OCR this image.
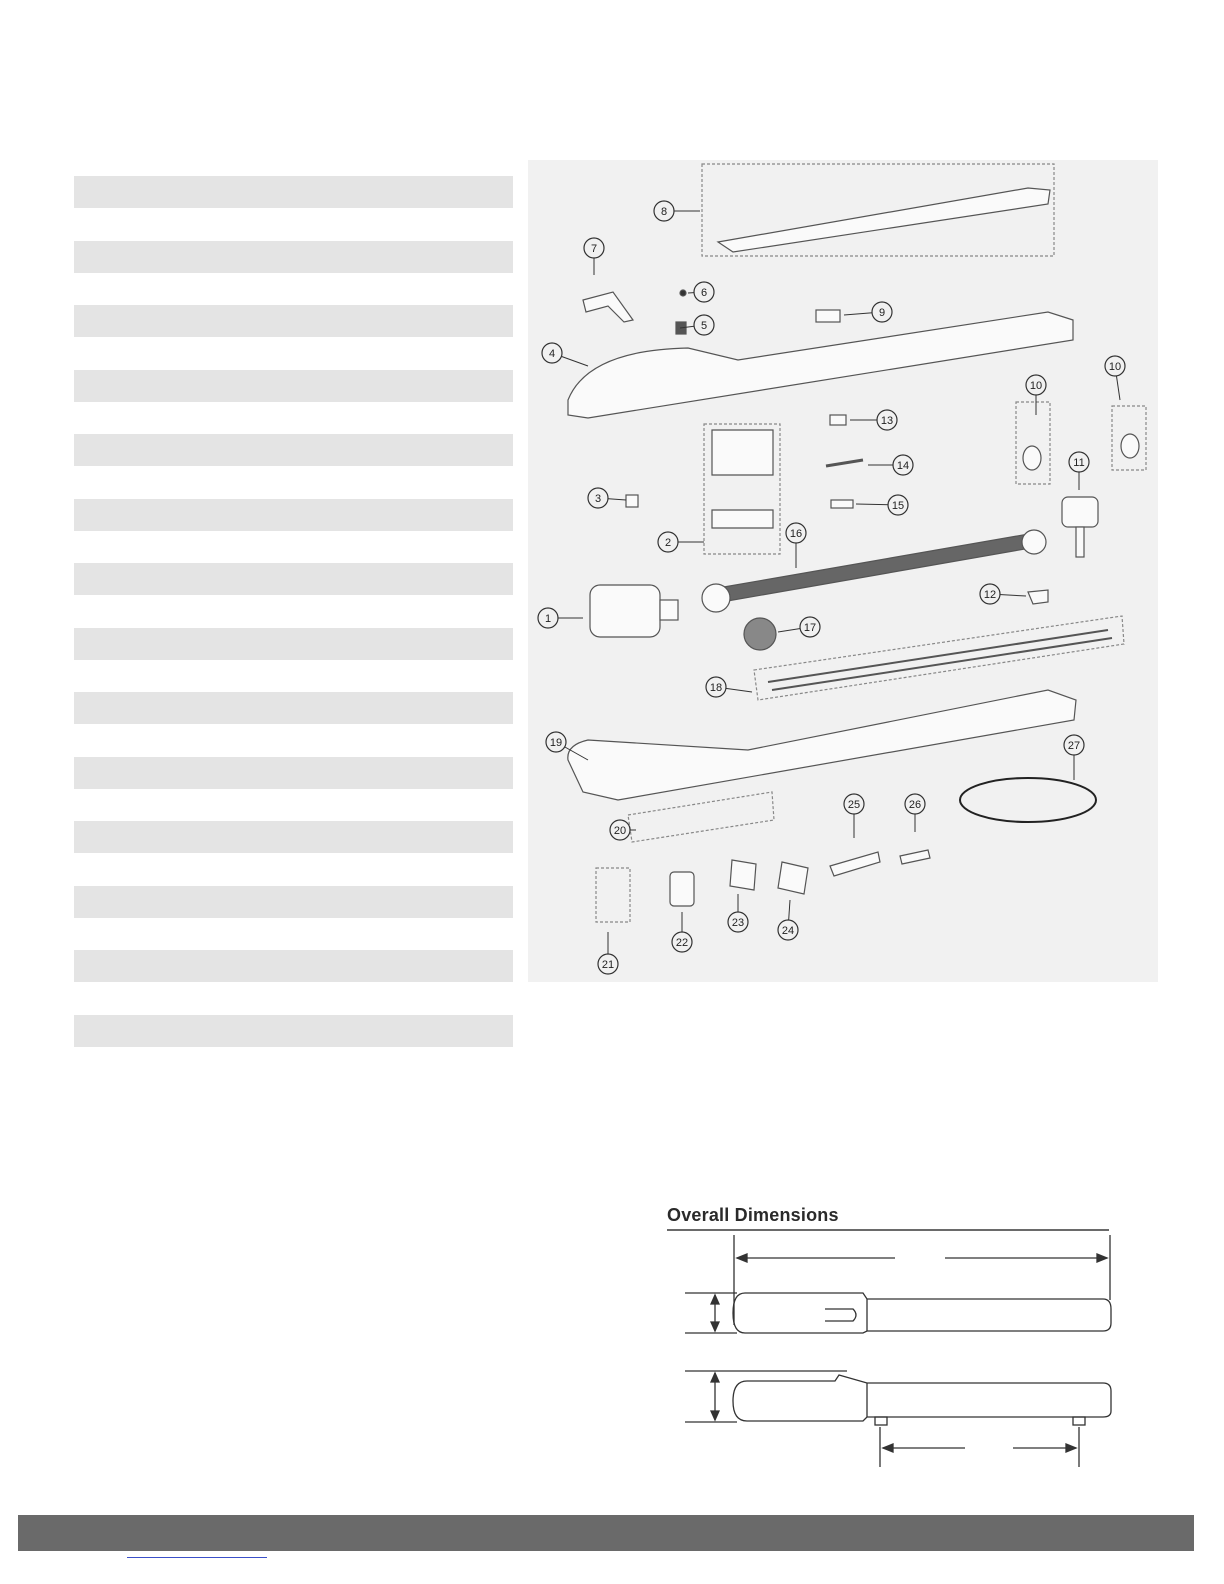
1
2
3
4
5
6
7
8
9
10
10
11
12
13
14
15
16
17
18
19
20
21
22
23
24
25	26
27
Overall Dimensions
